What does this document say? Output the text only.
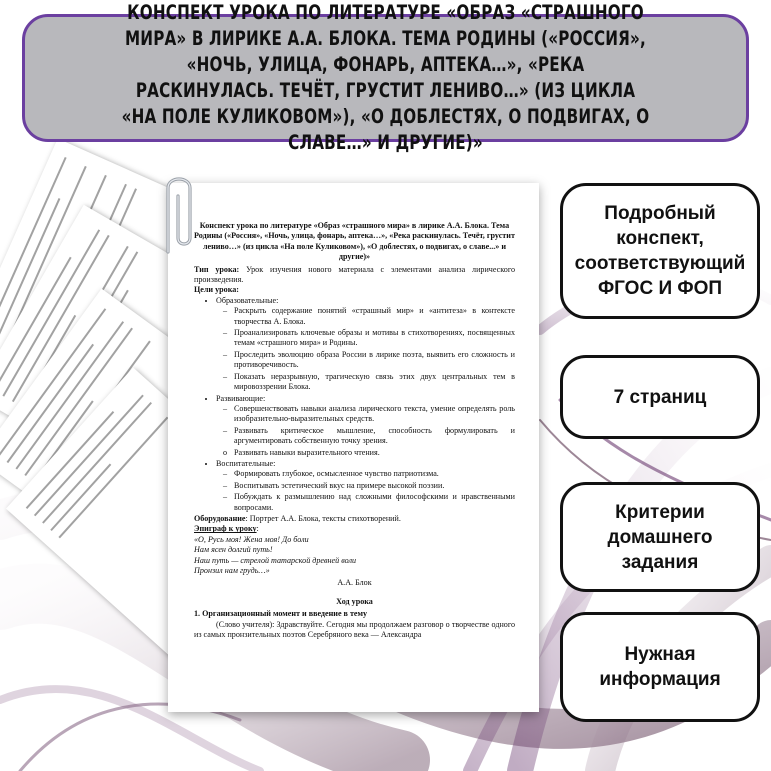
КОНСПЕКТ УРОКА ПО ЛИТЕРАТУРЕ «ОБРАЗ «СТРАШНОГО МИРА» В ЛИРИКЕ А.А. БЛОКА. ТЕМА РОДИНЫ («РОССИЯ», «НОЧЬ, УЛИЦА, ФОНАРЬ, АПТЕКА…», «РЕКА РАСКИНУЛАСЬ. ТЕЧЁТ, ГРУСТИТ ЛЕНИВО…» (ИЗ ЦИКЛА «НА ПОЛЕ КУЛИКОВОМ»), «О ДОБЛЕСТЯХ, О ПОДВИГАХ, О СЛАВЕ…» И ДРУГИЕ)»
Конспект урока по литературе «Образ «страшного мира» в лирике А.А. Блока. Тема Родины («Россия», «Ночь, улица, фонарь, аптека…», «Река раскинулась. Течёт, грустит лениво…» (из цикла «На поле Куликовом»), «О доблестях, о подвигах, о славе...» и другие)»

Тип урока: Урок изучения нового материала с элементами анализа лирического произведения.

Цели урока:

• Образовательные:
– Раскрыть содержание понятий «страшный мир» и «антитеза» в контексте творчества А. Блока.
– Проанализировать ключевые образы и мотивы в стихотворениях, посвященных темам «страшного мира» и Родины.
– Проследить эволюцию образа России в лирике поэта, выявить его сложность и противоречивость.
– Показать неразрывную, трагическую связь этих двух центральных тем в мировоззрении Блока.
• Развивающие:
– Совершенствовать навыки анализа лирического текста, умение определять роль изобразительно-выразительных средств.
– Развивать критическое мышление, способность формулировать и аргументировать собственную точку зрения.
o Развивать навыки выразительного чтения.
• Воспитательные:
– Формировать глубокое, осмысленное чувство патриотизма.
– Воспитывать эстетический вкус на примере высокой поэзии.
– Побуждать к размышлению над сложными философскими и нравственными вопросами.

Оборудование: Портрет А.А. Блока, тексты стихотворений.

Эпиграф к уроку:

«О, Русь моя! Жена моя! До боли

Нам ясен долгий путь!

Наш путь — стрелой татарской древней воли

Пронзил нам грудь…»

А.А. Блок
Ход урока

1. Организационный момент и введение в тему

(Слово учителя): Здравствуйте. Сегодня мы продолжаем разговор о творчестве одного из самых пронзительных поэтов Серебряного века — Александра

Подробный
конспект,
соответствующий
ФГОС И ФОП
7 страниц
Критерии
домашнего
задания
Нужная
информация
